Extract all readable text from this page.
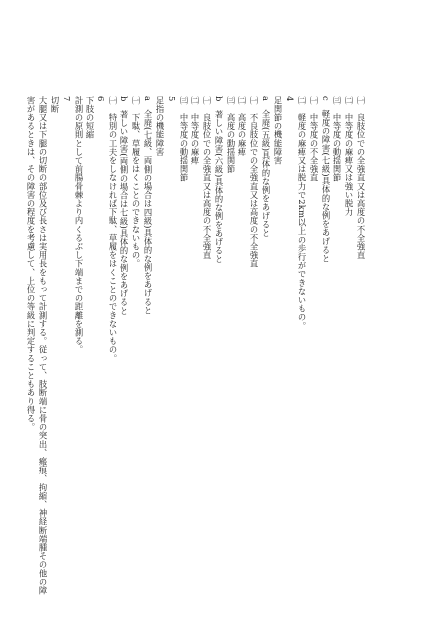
㈠　良肢位での全強直又は高度の不全強直
㈡　中等度の麻痺又は強い脱力
㈢　中等度の動揺関節
c　軽度の障害(七級)具体的な例をあげると
㈠　中等度の不全強直
㈡　軽度の麻痺又は脱力で2km以上の歩行ができないもの。
4
足関節の機能障害
a　全廃(五級)具体的な例をあげると
㈠　不良肢位での全強直又は高度の不全強直
㈡　高度の麻痺
㈢　高度の動揺関節
b　著しい障害(六級)具体的な例をあげると
㈠　良肢位での全強直又は高度の不全強直
㈡　中等度の麻痺
㈢　中等度の動揺関節
5
足指の機能障害
a　全廃(七級、両側の場合は四級)具体的な例をあげると
㈠　下駄、草履をはくことのできないもの。
b　著しい障害(両側の場合は七級)具体的な例をあげると
㈠　特別の工夫をしなければ下駄、草履をはくことのできないもの。
6
下肢の短縮
計測の原則として前腸骨棘より内くるぶし下端までの距離を測る。
7
切断
大腿又は下腿の切断の部位及び長さは実用長をもって計測する。従って、肢断端に骨の突出、瘢痕、拘縮、神経断端腫その他の障
害があるときは、その障害の程度を考慮して、上位の等級に判定することもあり得る。
